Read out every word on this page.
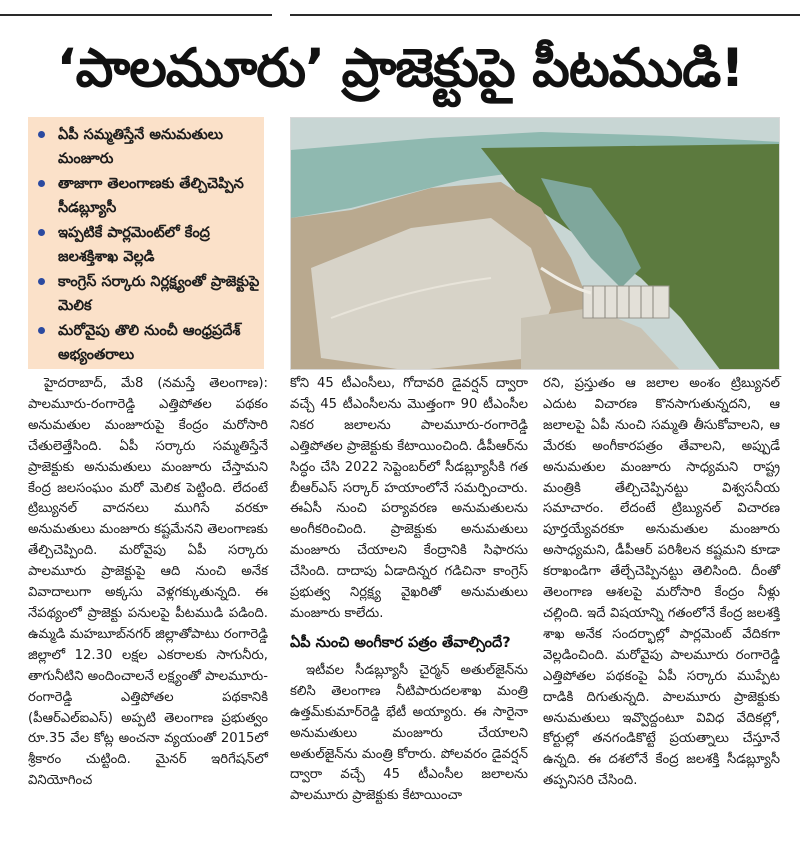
‘పాలమూరు’ ప్రాజెక్టుపై పీటముడి!
ఏపీ సమ్మతిస్తేనే అనుమతులు మంజూరు
తాజాగా తెలంగాణకు తేల్చిచెప్పిన సీడబ్ల్యూసీ
ఇప్పటికే పార్లమెంట్‌లో కేంద్ర జలశక్తిశాఖ వెల్లడి
కాంగ్రెస్‌ సర్కారు నిర్లక్ష్యంతో ప్రాజెక్టుపై మెలిక
మరోవైపు తొలి నుంచీ ఆంధ్రప్రదేశ్‌ అభ్యంతరాలు

హైదరాబాద్‌, మే8 (నమస్తే తెలంగాణ): పాలమూరు-రంగారెడ్డి ఎత్తిపోతల పథకం అనుమతుల మంజూరుపై కేంద్రం మరోసారి చేతులెత్తేసింది. ఏపీ సర్కారు సమ్మతిస్తేనే ప్రాజెక్టుకు అనుమతులు మంజూరు చేస్తామని కేంద్ర జలసంఘం మరో మెలిక పెట్టింది. లేదంటే ట్రిబ్యునల్‌ వాదనలు ముగిసే వరకూ అనుమతులు మంజూరు కష్టమేనని తెలంగాణకు తేల్చిచెప్పింది. మరోవైపు ఏపీ సర్కారు పాలమూరు ప్రాజెక్టుపై ఆది నుంచి అనేక వివాదాలుగా అక్కసు వెళ్లగక్కుతున్నది. ఈ నేపథ్యంలో ప్రాజెక్టు పనులపై పీటముడి పడింది. ఉమ్మడి మహబూబ్‌నగర్‌ జిల్లాతోపాటు రంగారెడ్డి జిల్లాలో 12.30 లక్షల ఎకరాలకు సాగునీరు, తాగునీటిని అందించాలనే లక్ష్యంతో పాలమూరు-రంగారెడ్డి ఎత్తిపోతల పథకానికి (పీఆర్‌ఎల్‌ఐఎస్‌) అప్పటి తెలంగాణ ప్రభుత్వం రూ.35 వేల కోట్ల అంచనా వ్యయంతో 2015లో శ్రీకారం చుట్టింది. మైనర్‌ ఇరిగేషన్‌లో వినియోగించ

కోని 45 టీఎంసీలు, గోదావరి డైవర్షన్‌ ద్వారా వచ్చే 45 టీఎంసీలను మొత్తంగా 90 టీఎంసీల నికర జలాలను పాలమూరు-రంగారెడ్డి ఎత్తిపోతల ప్రాజెక్టుకు కేటాయించింది. డీపీఆర్‌ను సిద్ధం చేసి 2022 సెప్టెంబర్‌లో సీడబ్ల్యూసీకి గత బీఆర్‌ఎస్‌ సర్కార్‌ హయాంలోనే సమర్పించారు. ఈఏసీ నుంచి పర్యావరణ అనుమతులను అంగీకరించింది. ప్రాజెక్టుకు అనుమతులు మంజూరు చేయాలని కేంద్రానికి సిఫారసు చేసింది. దాదాపు ఏడాదిన్నర గడిచినా కాంగ్రెస్‌ ప్రభుత్వ నిర్లక్ష్య వైఖరితో అనుమతులు మంజూరు కాలేదు.

ఏపీ నుంచి అంగీకార పత్రం తేవాల్సిందే?

ఇటీవల సీడబ్ల్యూసీ చైర్మన్‌ అతుల్‌జైన్‌ను కలిసి తెలంగాణ నీటిపారుదలశాఖ మంత్రి ఉత్తమ్‌కుమార్‌రెడ్డి భేటీ అయ్యారు. ఈ సారైనా అనుమతులు మంజూరు చేయాలని అతుల్‌జైన్‌ను మంత్రి కోరారు. పోలవరం డైవర్షన్‌ ద్వారా వచ్చే 45 టీఎంసీల జలాలను పాలమూరు ప్రాజెక్టుకు కేటాయించా

రని, ప్రస్తుతం ఆ జలాల అంశం ట్రిబ్యునల్‌ ఎదుట విచారణ కొనసాగుతున్నదని, ఆ జలాలపై ఏపీ నుంచి సమ్మతి తీసుకోవాలని, ఆ మేరకు అంగీకారపత్రం తేవాలని, అప్పుడే అనుమతుల మంజూరు సాధ్యమని రాష్ట్ర మంత్రికి తేల్చిచెప్పినట్టు విశ్వసనీయ సమాచారం. లేదంటే ట్రిబ్యునల్‌ విచారణ పూర్తయ్యేవరకూ అనుమతుల మంజూరు అసాధ్యమని, డీపీఆర్‌ పరిశీలన కష్టమని కూడా కరాఖండిగా తేల్చేచెప్పినట్టు తెలిసింది. దీంతో తెలంగాణ ఆశలపై మరోసారి కేంద్రం నీళ్లు చల్లింది. ఇదే విషయాన్ని గతంలోనే కేంద్ర జలశక్తి శాఖ అనేక సందర్భాల్లో పార్లమెంట్‌ వేదికగా వెల్లడించింది. మరోవైపు పాలమూరు రంగారెడ్డి ఎత్తిపోతల పథకంపై ఏపీ సర్కారు ముప్పేట దాడికి దిగుతున్నది. పాలమూరు ప్రాజెక్టుకు అనుమతులు ఇవ్వొద్దంటూ వివిధ వేదికల్లో, కోర్టుల్లో తనగండికొట్టే ప్రయత్నాలు చేస్తూనే ఉన్నది. ఈ దశలోనే కేంద్ర జలశక్తి సీడబ్ల్యూసీ తప్పనిసరి చేసింది.
